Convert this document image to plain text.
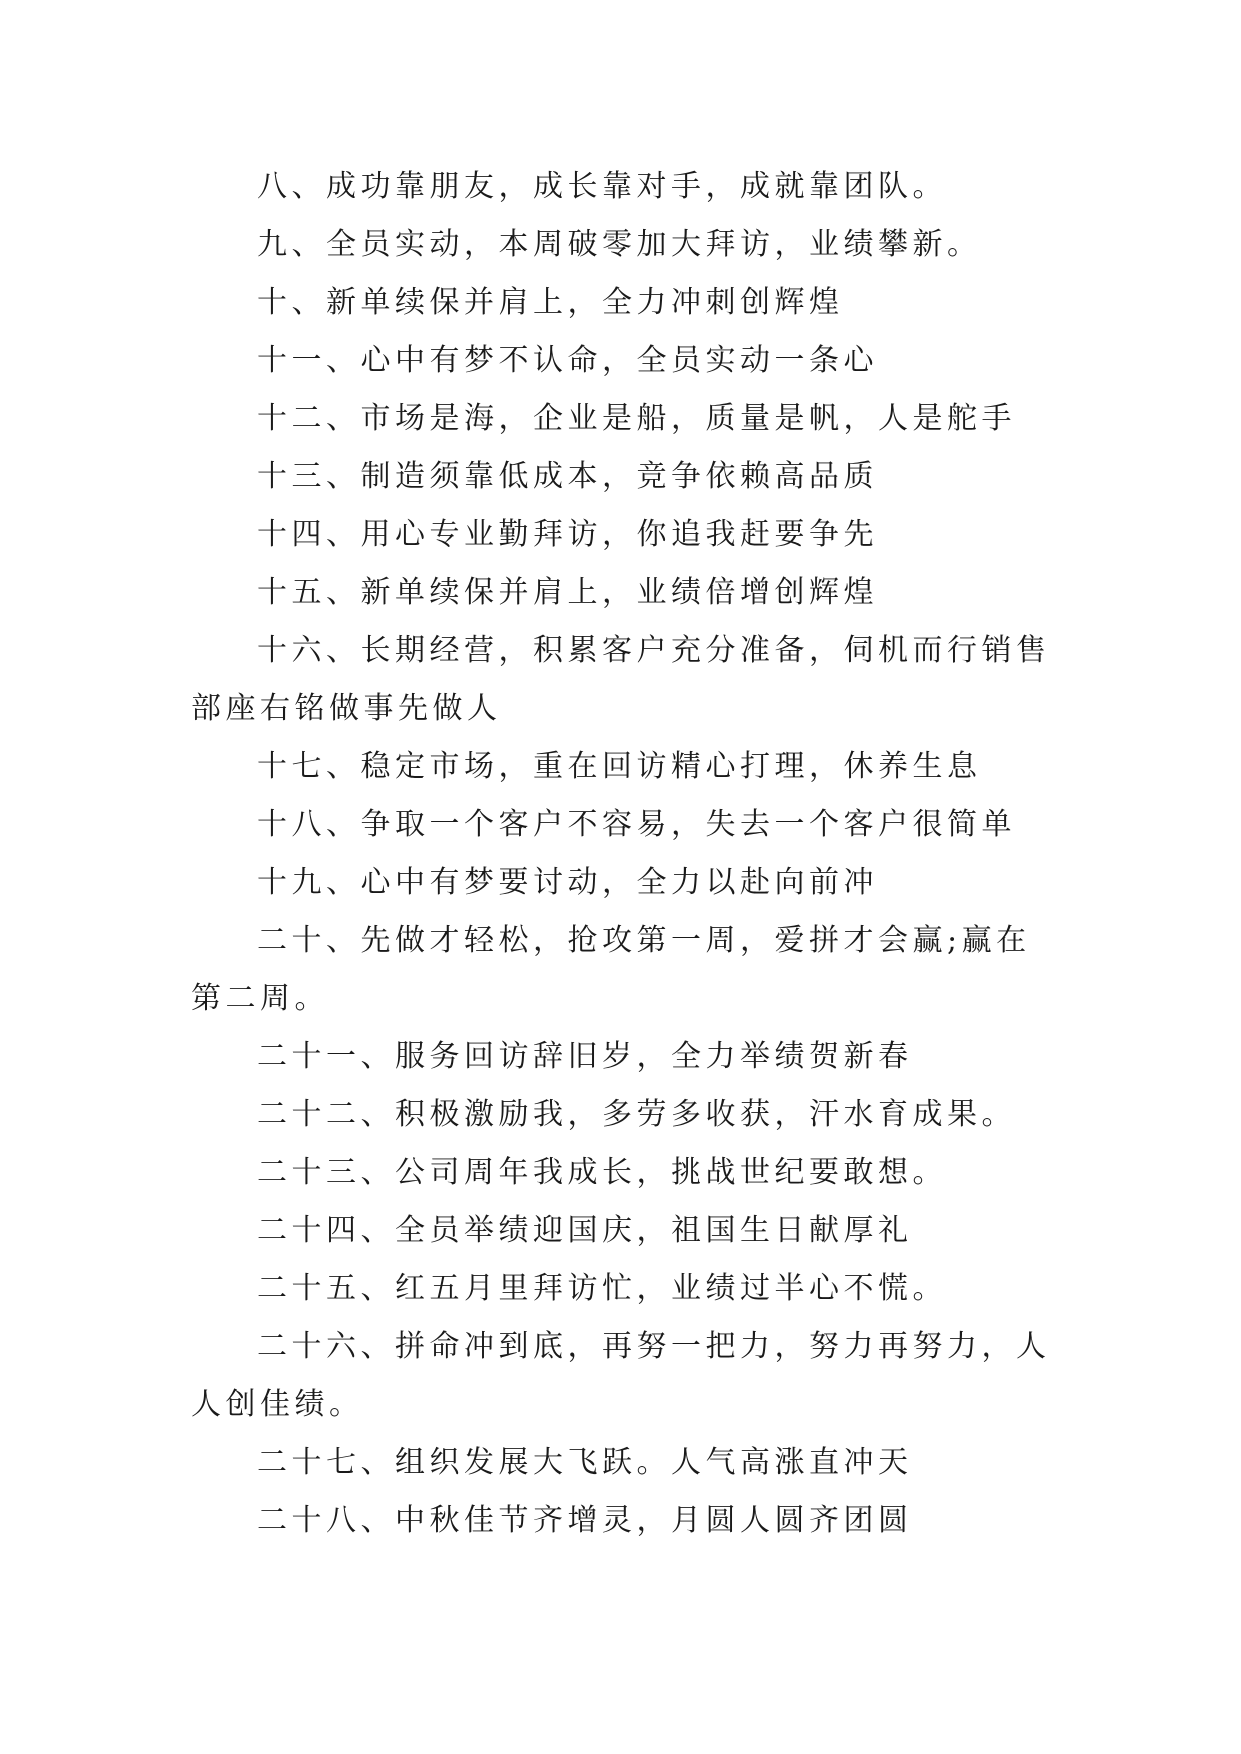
八、成功靠朋友，成长靠对手，成就靠团队。

九、全员实动，本周破零加大拜访，业绩攀新。

十、新单续保并肩上，全力冲刺创辉煌

十一、心中有梦不认命，全员实动一条心

十二、市场是海，企业是船，质量是帆，人是舵手

十三、制造须靠低成本，竞争依赖高品质

十四、用心专业勤拜访，你追我赶要争先

十五、新单续保并肩上，业绩倍增创辉煌

十六、长期经营，积累客户充分准备，伺机而行销售部座右铭做事先做人

十七、稳定市场，重在回访精心打理，休养生息

十八、争取一个客户不容易，失去一个客户很简单

十九、心中有梦要讨动，全力以赴向前冲

二十、先做才轻松，抢攻第一周，爱拼才会赢;赢在第二周。

二十一、服务回访辞旧岁，全力举绩贺新春

二十二、积极激励我，多劳多收获，汗水育成果。

二十三、公司周年我成长，挑战世纪要敢想。

二十四、全员举绩迎国庆，祖国生日献厚礼

二十五、红五月里拜访忙，业绩过半心不慌。

二十六、拼命冲到底，再努一把力，努力再努力，人人创佳绩。

二十七、组织发展大飞跃。人气高涨直冲天

二十八、中秋佳节齐增灵，月圆人圆齐团圆
